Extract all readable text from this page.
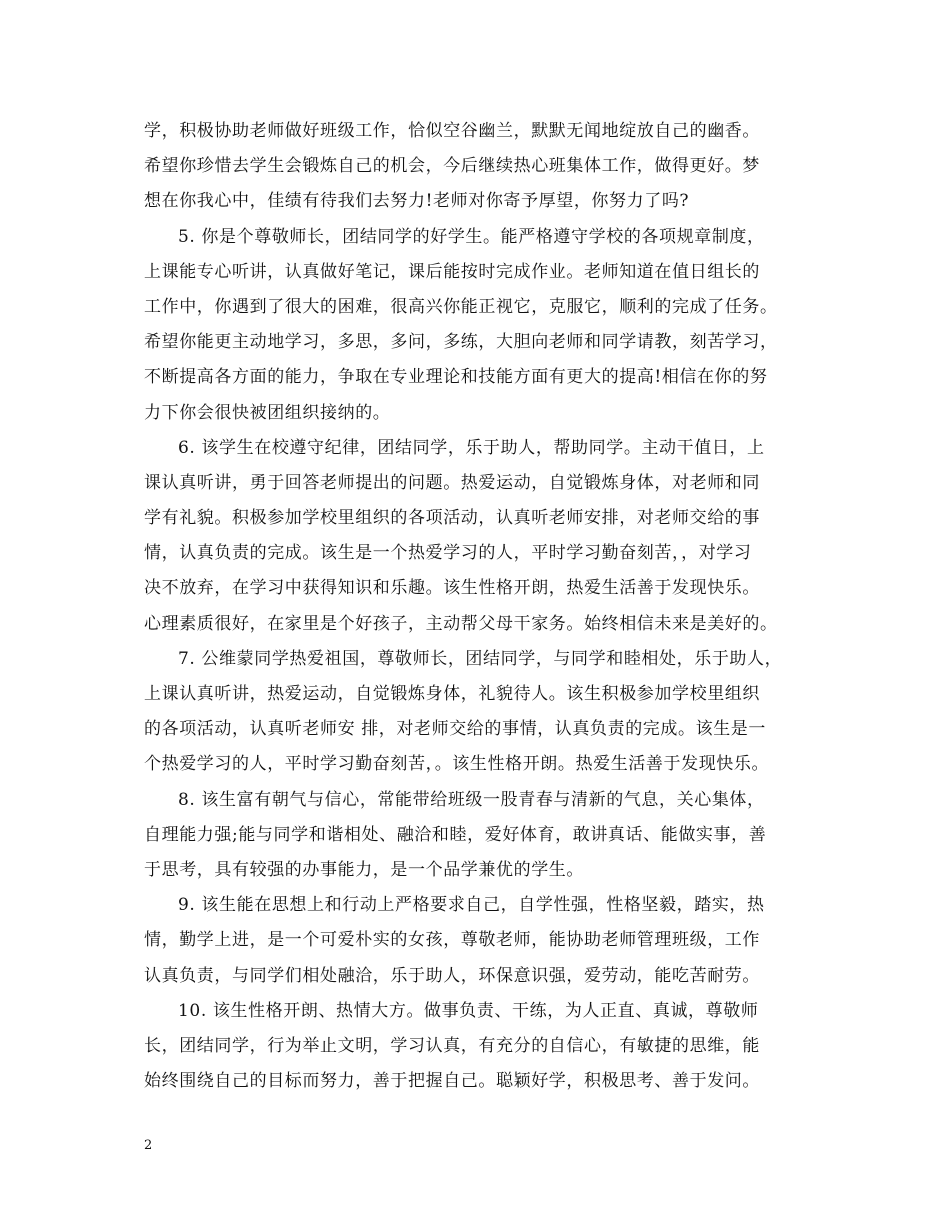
学，积极协助老师做好班级工作，恰似空谷幽兰，默默无闻地绽放自己的幽香。
希望你珍惜去学生会锻炼自己的机会，今后继续热心班集体工作，做得更好。梦
想在你我心中，佳绩有待我们去努力!老师对你寄予厚望，你努力了吗?
5. 你是个尊敬师长，团结同学的好学生。能严格遵守学校的各项规章制度，
上课能专心听讲，认真做好笔记，课后能按时完成作业。老师知道在值日组长的
工作中，你遇到了很大的困难，很高兴你能正视它，克服它，顺利的完成了任务。
希望你能更主动地学习，多思，多问，多练，大胆向老师和同学请教，刻苦学习，
不断提高各方面的能力，争取在专业理论和技能方面有更大的提高!相信在你的努
力下你会很快被团组织接纳的。
6. 该学生在校遵守纪律，团结同学，乐于助人，帮助同学。主动干值日，上
课认真听讲，勇于回答老师提出的问题。热爱运动，自觉锻炼身体，对老师和同
学有礼貌。积极参加学校里组织的各项活动，认真听老师安排，对老师交给的事
情，认真负责的完成。该生是一个热爱学习的人，平时学习勤奋刻苦，，对学习
决不放弃，在学习中获得知识和乐趣。该生性格开朗，热爱生活善于发现快乐。
心理素质很好，在家里是个好孩子，主动帮父母干家务。始终相信未来是美好的。
7. 公维蒙同学热爱祖国，尊敬师长，团结同学，与同学和睦相处，乐于助人，
上课认真听讲，热爱运动，自觉锻炼身体，礼貌待人。该生积极参加学校里组织
的各项活动，认真听老师安 排，对老师交给的事情，认真负责的完成。该生是一
个热爱学习的人，平时学习勤奋刻苦，。该生性格开朗。热爱生活善于发现快乐。
8. 该生富有朝气与信心，常能带给班级一股青春与清新的气息，关心集体，
自理能力强;能与同学和谐相处、融洽和睦，爱好体育，敢讲真话、能做实事，善
于思考，具有较强的办事能力，是一个品学兼优的学生。
9. 该生能在思想上和行动上严格要求自己，自学性强，性格坚毅，踏实，热
情，勤学上进，是一个可爱朴实的女孩，尊敬老师，能协助老师管理班级，工作
认真负责，与同学们相处融洽，乐于助人，环保意识强，爱劳动，能吃苦耐劳。
10. 该生性格开朗、热情大方。做事负责、干练，为人正直、真诚，尊敬师
长，团结同学，行为举止文明，学习认真，有充分的自信心，有敏捷的思维，能
始终围绕自己的目标而努力，善于把握自己。聪颖好学，积极思考、善于发问。
2
